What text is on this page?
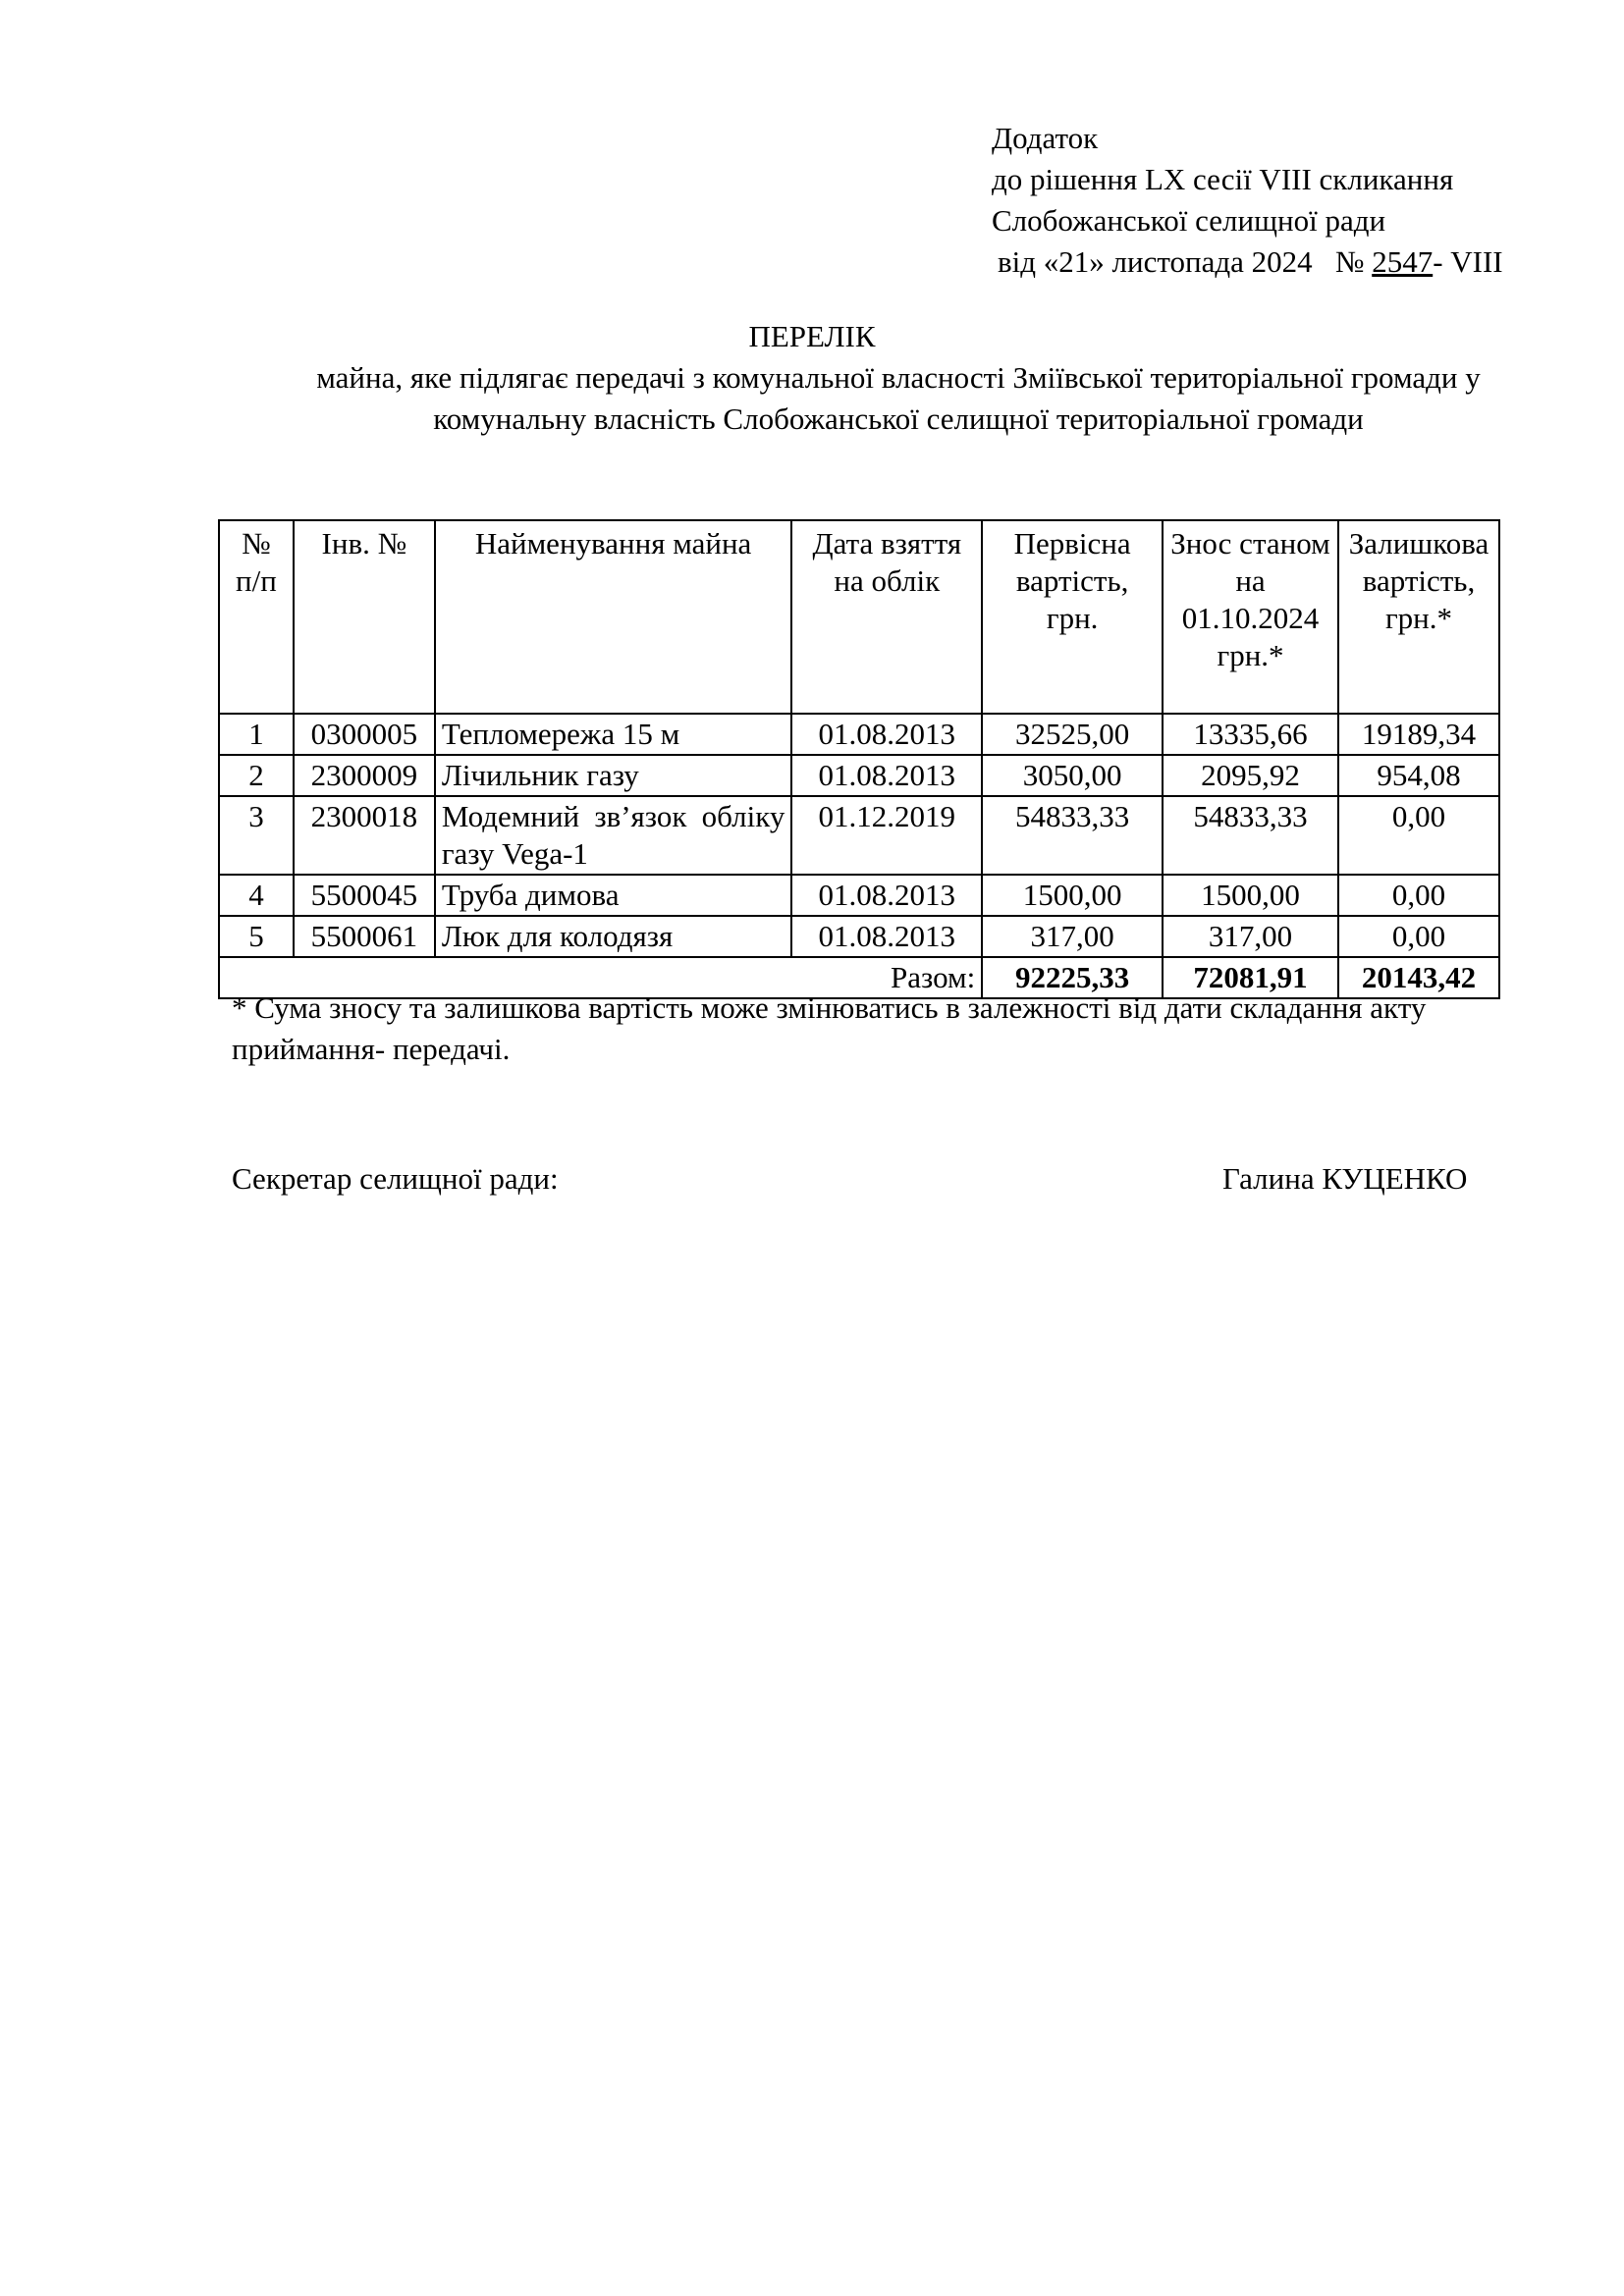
Додаток
до рішення LX сесії VIII скликання
Слобожанської селищної ради
від «21» листопада 2024   № 2547- VIII
ПЕРЕЛІК
майна, яке підлягає передачі з комунальної власності Зміївської територіальної громади у комунальну власність Слобожанської селищної територіальної громади
№ п/п	Інв. №	Найменування майна	Дата взяття на облік	Первісна вартість, грн.	Знос станом на 01.10.2024 грн.*	Залишкова вартість, грн.*
1	0300005	Тепломережа 15 м	01.08.2013	32525,00	13335,66	19189,34
2	2300009	Лічильник газу	01.08.2013	3050,00	2095,92	954,08
3	2300018	Модемний зв’язок обліку газу Vega-1	01.12.2019	54833,33	54833,33	0,00
4	5500045	Труба димова	01.08.2013	1500,00	1500,00	0,00
5	5500061	Люк для колодязя	01.08.2013	317,00	317,00	0,00
Разом:				92225,33	72081,91	20143,42
* Сума зносу та залишкова вартість може змінюватись в залежності від дати складання акту приймання- передачі.
Секретар селищної ради:	Галина КУЦЕНКО
